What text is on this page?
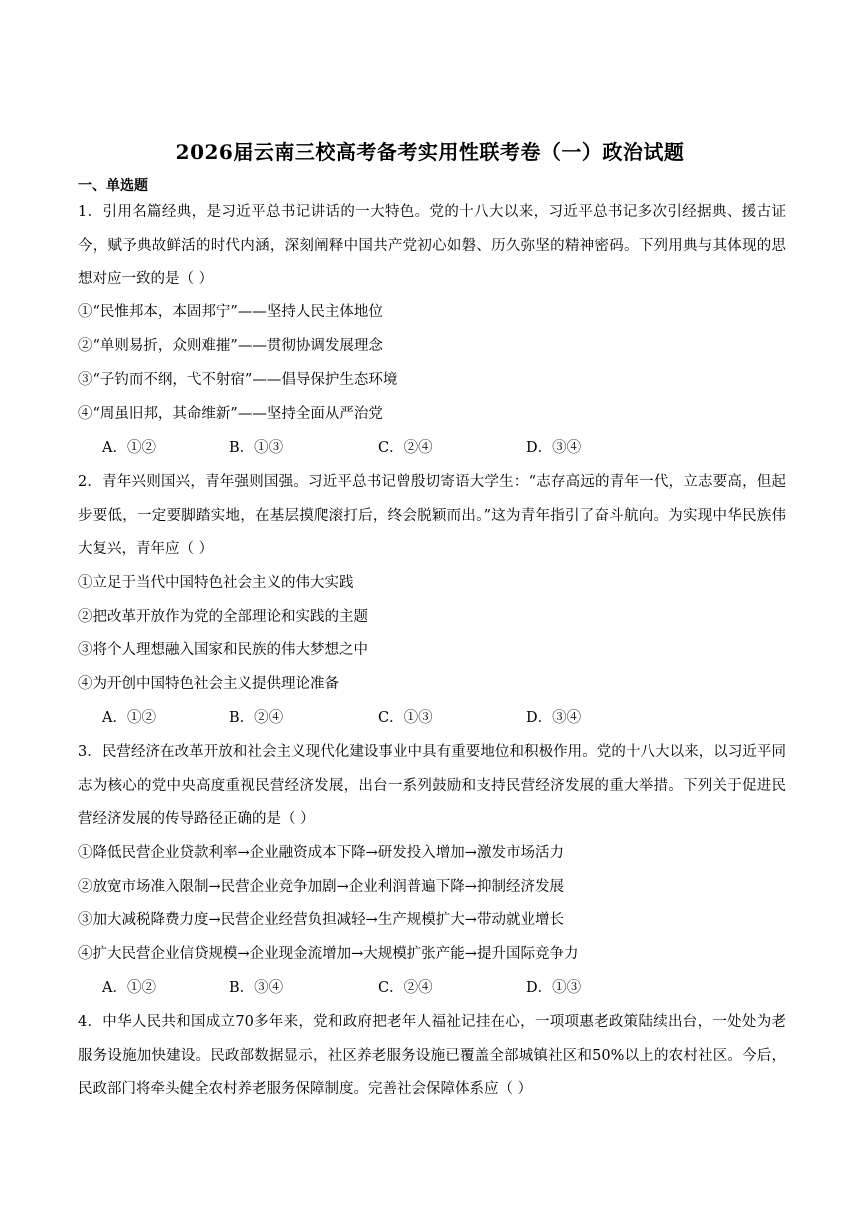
2026届云南三校高考备考实用性联考卷（一）政治试题
一、单选题
1．引用名篇经典，是习近平总书记讲话的一大特色。党的十八大以来，习近平总书记多次引经据典、援古证今，赋予典故鲜活的时代内涵，深刻阐释中国共产党初心如磐、历久弥坚的精神密码。下列用典与其体现的思想对应一致的是（ ）
①“民惟邦本，本固邦宁”——坚持人民主体地位
②“单则易折，众则难摧”——贯彻协调发展理念
③“子钓而不纲，弋不射宿”——倡导保护生态环境
④“周虽旧邦，其命维新”——坚持全面从严治党
A．①②	B．①③	C．②④	D．③④
2．青年兴则国兴，青年强则国强。习近平总书记曾殷切寄语大学生：“志存高远的青年一代，立志要高，但起步要低，一定要脚踏实地，在基层摸爬滚打后，终会脱颖而出。”这为青年指引了奋斗航向。为实现中华民族伟大复兴，青年应（ ）
①立足于当代中国特色社会主义的伟大实践
②把改革开放作为党的全部理论和实践的主题
③将个人理想融入国家和民族的伟大梦想之中
④为开创中国特色社会主义提供理论准备
A．①②	B．②④	C．①③	D．③④
3．民营经济在改革开放和社会主义现代化建设事业中具有重要地位和积极作用。党的十八大以来，以习近平同志为核心的党中央高度重视民营经济发展，出台一系列鼓励和支持民营经济发展的重大举措。下列关于促进民营经济发展的传导路径正确的是（ ）
①降低民营企业贷款利率→企业融资成本下降→研发投入增加→激发市场活力
②放宽市场准入限制→民营企业竞争加剧→企业利润普遍下降→抑制经济发展
③加大减税降费力度→民营企业经营负担减轻→生产规模扩大→带动就业增长
④扩大民营企业信贷规模→企业现金流增加→大规模扩张产能→提升国际竞争力
A．①②	B．③④	C．②④	D．①③
4．中华人民共和国成立70多年来，党和政府把老年人福祉记挂在心，一项项惠老政策陆续出台，一处处为老服务设施加快建设。民政部数据显示，社区养老服务设施已覆盖全部城镇社区和50%以上的农村社区。今后，民政部门将牵头健全农村养老服务保障制度。完善社会保障体系应（ ）
